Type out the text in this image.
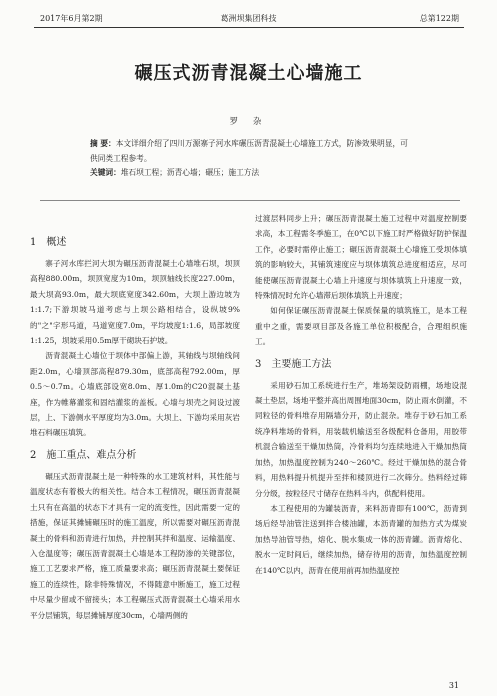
2017年6月第2期	葛洲坝集团科技	总第122期
碾压式沥青混凝土心墙施工
罗 杂
摘 要：本文详细介绍了四川万源寨子河水库碾压沥青混凝土心墙施工方式，防渗效果明显，可供同类工程参考。
关键词：堆石坝工程；沥青心墙；碾压；施工方法
1 概述

寨子河水库拦河大坝为碾压沥青混凝土心墙堆石坝，坝顶高程880.00m，坝顶宽度为10m，坝顶轴线长度227.00m，最大坝高93.0m，最大坝底宽度342.60m，大坝上游边坡为1:1.7;下游坝坡马道考虑与上坝公路相结合，设纵坡9%的"之"字形马道，马道宽度7.0m，平均坡度1:1.6，局部坡度1:1.25，坝坡采用0.5m厚干砌块石护坡。

沥青混凝土心墙位于坝体中部偏上游，其轴线与坝轴线间距2.0m，心墙顶部高程879.30m，底部高程792.00m，厚0.5～0.7m。心墙底部设宽8.0m、厚1.0m的C20混凝土基座，作为帷幕灌浆和固结灌浆的盖板。心墙与坝壳之间设过渡层，上、下游侧水平厚度均为3.0m。大坝上、下游均采用灰岩堆石料碾压填筑。

2 施工重点、难点分析

碾压式沥青混凝土是一种特殊的水工建筑材料，其性能与温度状态有着极大的相关性。结合本工程情况，碾压沥青混凝土只有在高温的状态下才具有一定的流变性，因此需要一定的措施，保证其摊铺碾压时的施工温度，所以需要对碾压沥青混凝土的骨料和沥青进行加热，并控制其拌和温度、运输温度、入仓温度等；碾压沥青混凝土心墙是本工程防渗的关键部位，施工工艺要求严格，施工质量要求高；碾压沥青混凝土要保证施工的连续性，除非特殊情况，不得随意中断施工，施工过程中尽量少留或不留接头；本工程碾压式沥青混凝土心墙采用水平分层铺筑，每层摊铺厚度30cm，心墙两侧的

过渡层料同步上升；碾压沥青混凝土施工过程中对温度控制要求高，本工程需冬季施工，在0℃以下施工时严格做好防护保温工作，必要时需停止施工；碾压沥青混凝土心墙施工受坝体填筑的影响较大，其铺筑速度应与坝体填筑总进度相适应，尽可能使碾压沥青混凝土心墙上升速度与坝体填筑上升速度一致，特殊情况时允许心墙滞后坝体填筑上升速度；

如何保证碾压沥青混凝土保质保量的填筑施工，是本工程重中之重，需要项目部及各施工单位积极配合，合理组织施工。

3 主要施工方法

采用砂石加工系统进行生产，堆场架设防雨棚，场地设混凝土垫层，场地平整并高出周围地面30cm，防止雨水倒灌，不同粒径的骨料堆存用隔墙分开，防止混杂。堆存于砂石加工系统净料堆场的骨料，用装载机输送至各级配料仓备用，用胶带机混合输送至干燥加热筒，冷骨料均匀连续地进入干燥加热筒加热，加热温度控制为240～260℃。经过干燥加热的混合骨料，用热料提升机提升至拌和楼顶进行二次筛分。热料经过筛分分级，按粒径尺寸储存在热料斗内，供配料使用。

本工程使用的为罐装沥青，来料沥青即有100℃，沥青到场后经导油管注送到拌合楼油罐，本沥青罐的加热方式为煤炭加热导油管导热，熔化、脱水集成一体的沥青罐。沥青熔化、脱水一定时间后，继续加热，储存待用的沥青，加热温度控制在140℃以内，沥青在使用前再加热温度控

31
